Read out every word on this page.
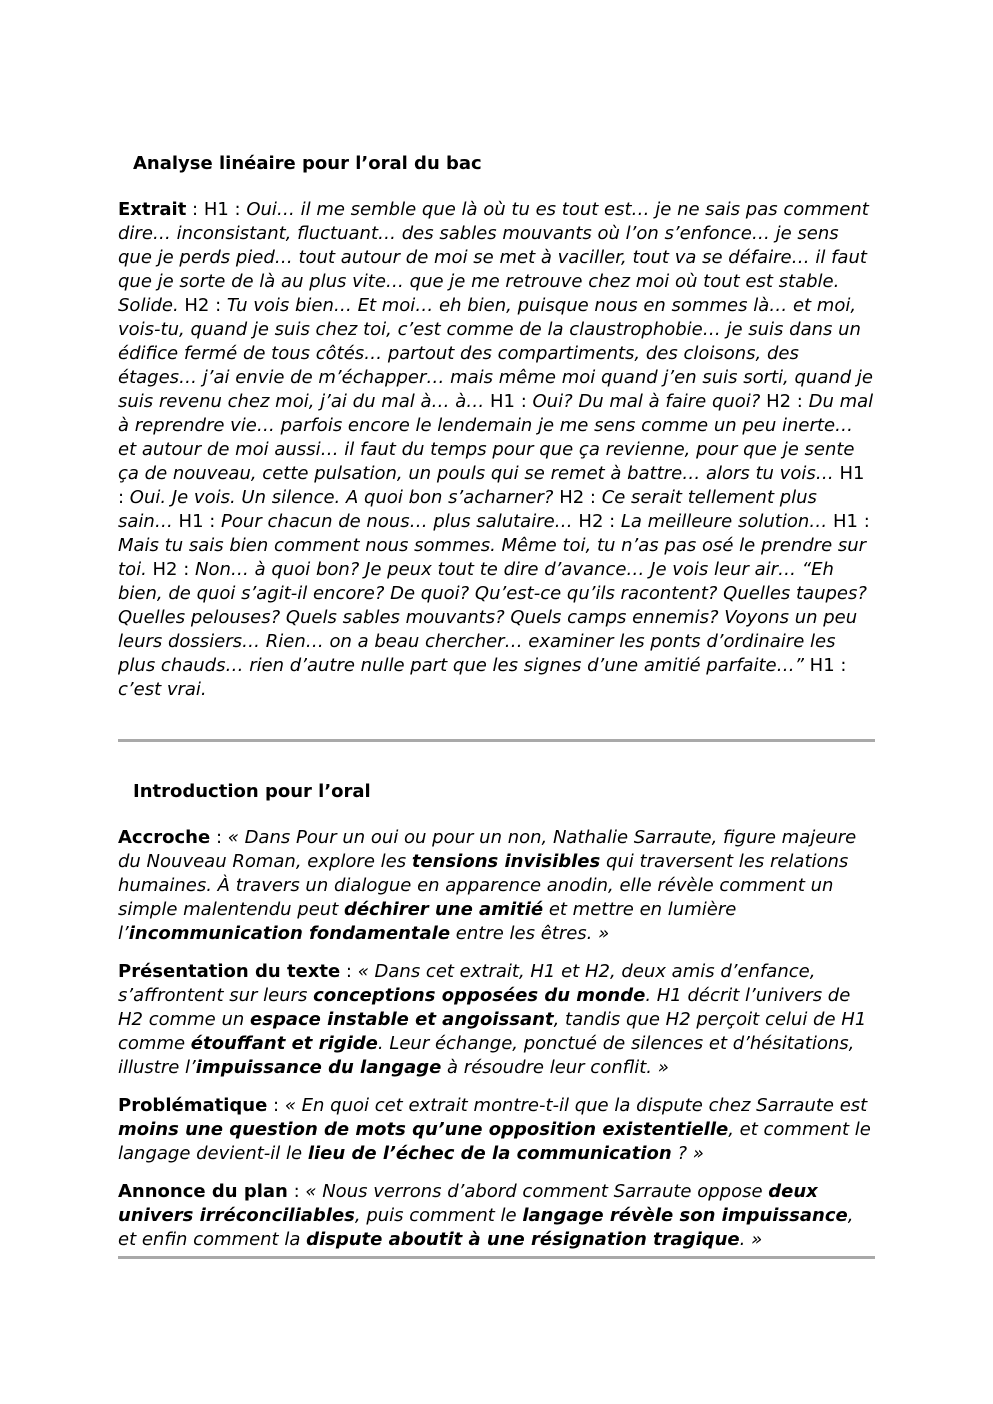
Analyse linéaire pour l’oral du bac

Extrait : H1 : Oui… il me semble que là où tu es tout est… je ne sais pas comment dire… inconsistant, fluctuant… des sables mouvants où l’on s’enfonce… je sens que je perds pied… tout autour de moi se met à vaciller, tout va se défaire… il faut que je sorte de là au plus vite… que je me retrouve chez moi où tout est stable. Solide. H2 : Tu vois bien… Et moi… eh bien, puisque nous en sommes là… et moi, vois-tu, quand je suis chez toi, c’est comme de la claustrophobie… je suis dans un édifice fermé de tous côtés… partout des compartiments, des cloisons, des étages… j’ai envie de m’échapper… mais même moi quand j’en suis sorti, quand je suis revenu chez moi, j’ai du mal à… à… H1 : Oui? Du mal à faire quoi? H2 : Du mal à reprendre vie… parfois encore le lendemain je me sens comme un peu inerte… et autour de moi aussi… il faut du temps pour que ça revienne, pour que je sente ça de nouveau, cette pulsation, un pouls qui se remet à battre… alors tu vois… H1 : Oui. Je vois. Un silence. A quoi bon s’acharner? H2 : Ce serait tellement plus sain… H1 : Pour chacun de nous… plus salutaire… H2 : La meilleure solution… H1 : Mais tu sais bien comment nous sommes. Même toi, tu n’as pas osé le prendre sur toi. H2 : Non… à quoi bon? Je peux tout te dire d’avance… Je vois leur air… “Eh bien, de quoi s’agit-il encore? De quoi? Qu’est-ce qu’ils racontent? Quelles taupes? Quelles pelouses? Quels sables mouvants? Quels camps ennemis? Voyons un peu leurs dossiers… Rien… on a beau chercher… examiner les ponts d’ordinaire les plus chauds… rien d’autre nulle part que les signes d’une amitié parfaite…” H1 : c’est vrai.

Introduction pour l’oral

Accroche : « Dans Pour un oui ou pour un non, Nathalie Sarraute, figure majeure du Nouveau Roman, explore les tensions invisibles qui traversent les relations humaines. À travers un dialogue en apparence anodin, elle révèle comment un simple malentendu peut déchirer une amitié et mettre en lumière l’incommunication fondamentale entre les êtres. »

Présentation du texte : « Dans cet extrait, H1 et H2, deux amis d’enfance, s’affrontent sur leurs conceptions opposées du monde. H1 décrit l’univers de H2 comme un espace instable et angoissant, tandis que H2 perçoit celui de H1 comme étouffant et rigide. Leur échange, ponctué de silences et d’hésitations, illustre l’impuissance du langage à résoudre leur conflit. »

Problématique : « En quoi cet extrait montre-t-il que la dispute chez Sarraute est moins une question de mots qu’une opposition existentielle, et comment le langage devient-il le lieu de l’échec de la communication ? »

Annonce du plan : « Nous verrons d’abord comment Sarraute oppose deux univers irréconciliables, puis comment le langage révèle son impuissance, et enfin comment la dispute aboutit à une résignation tragique. »
